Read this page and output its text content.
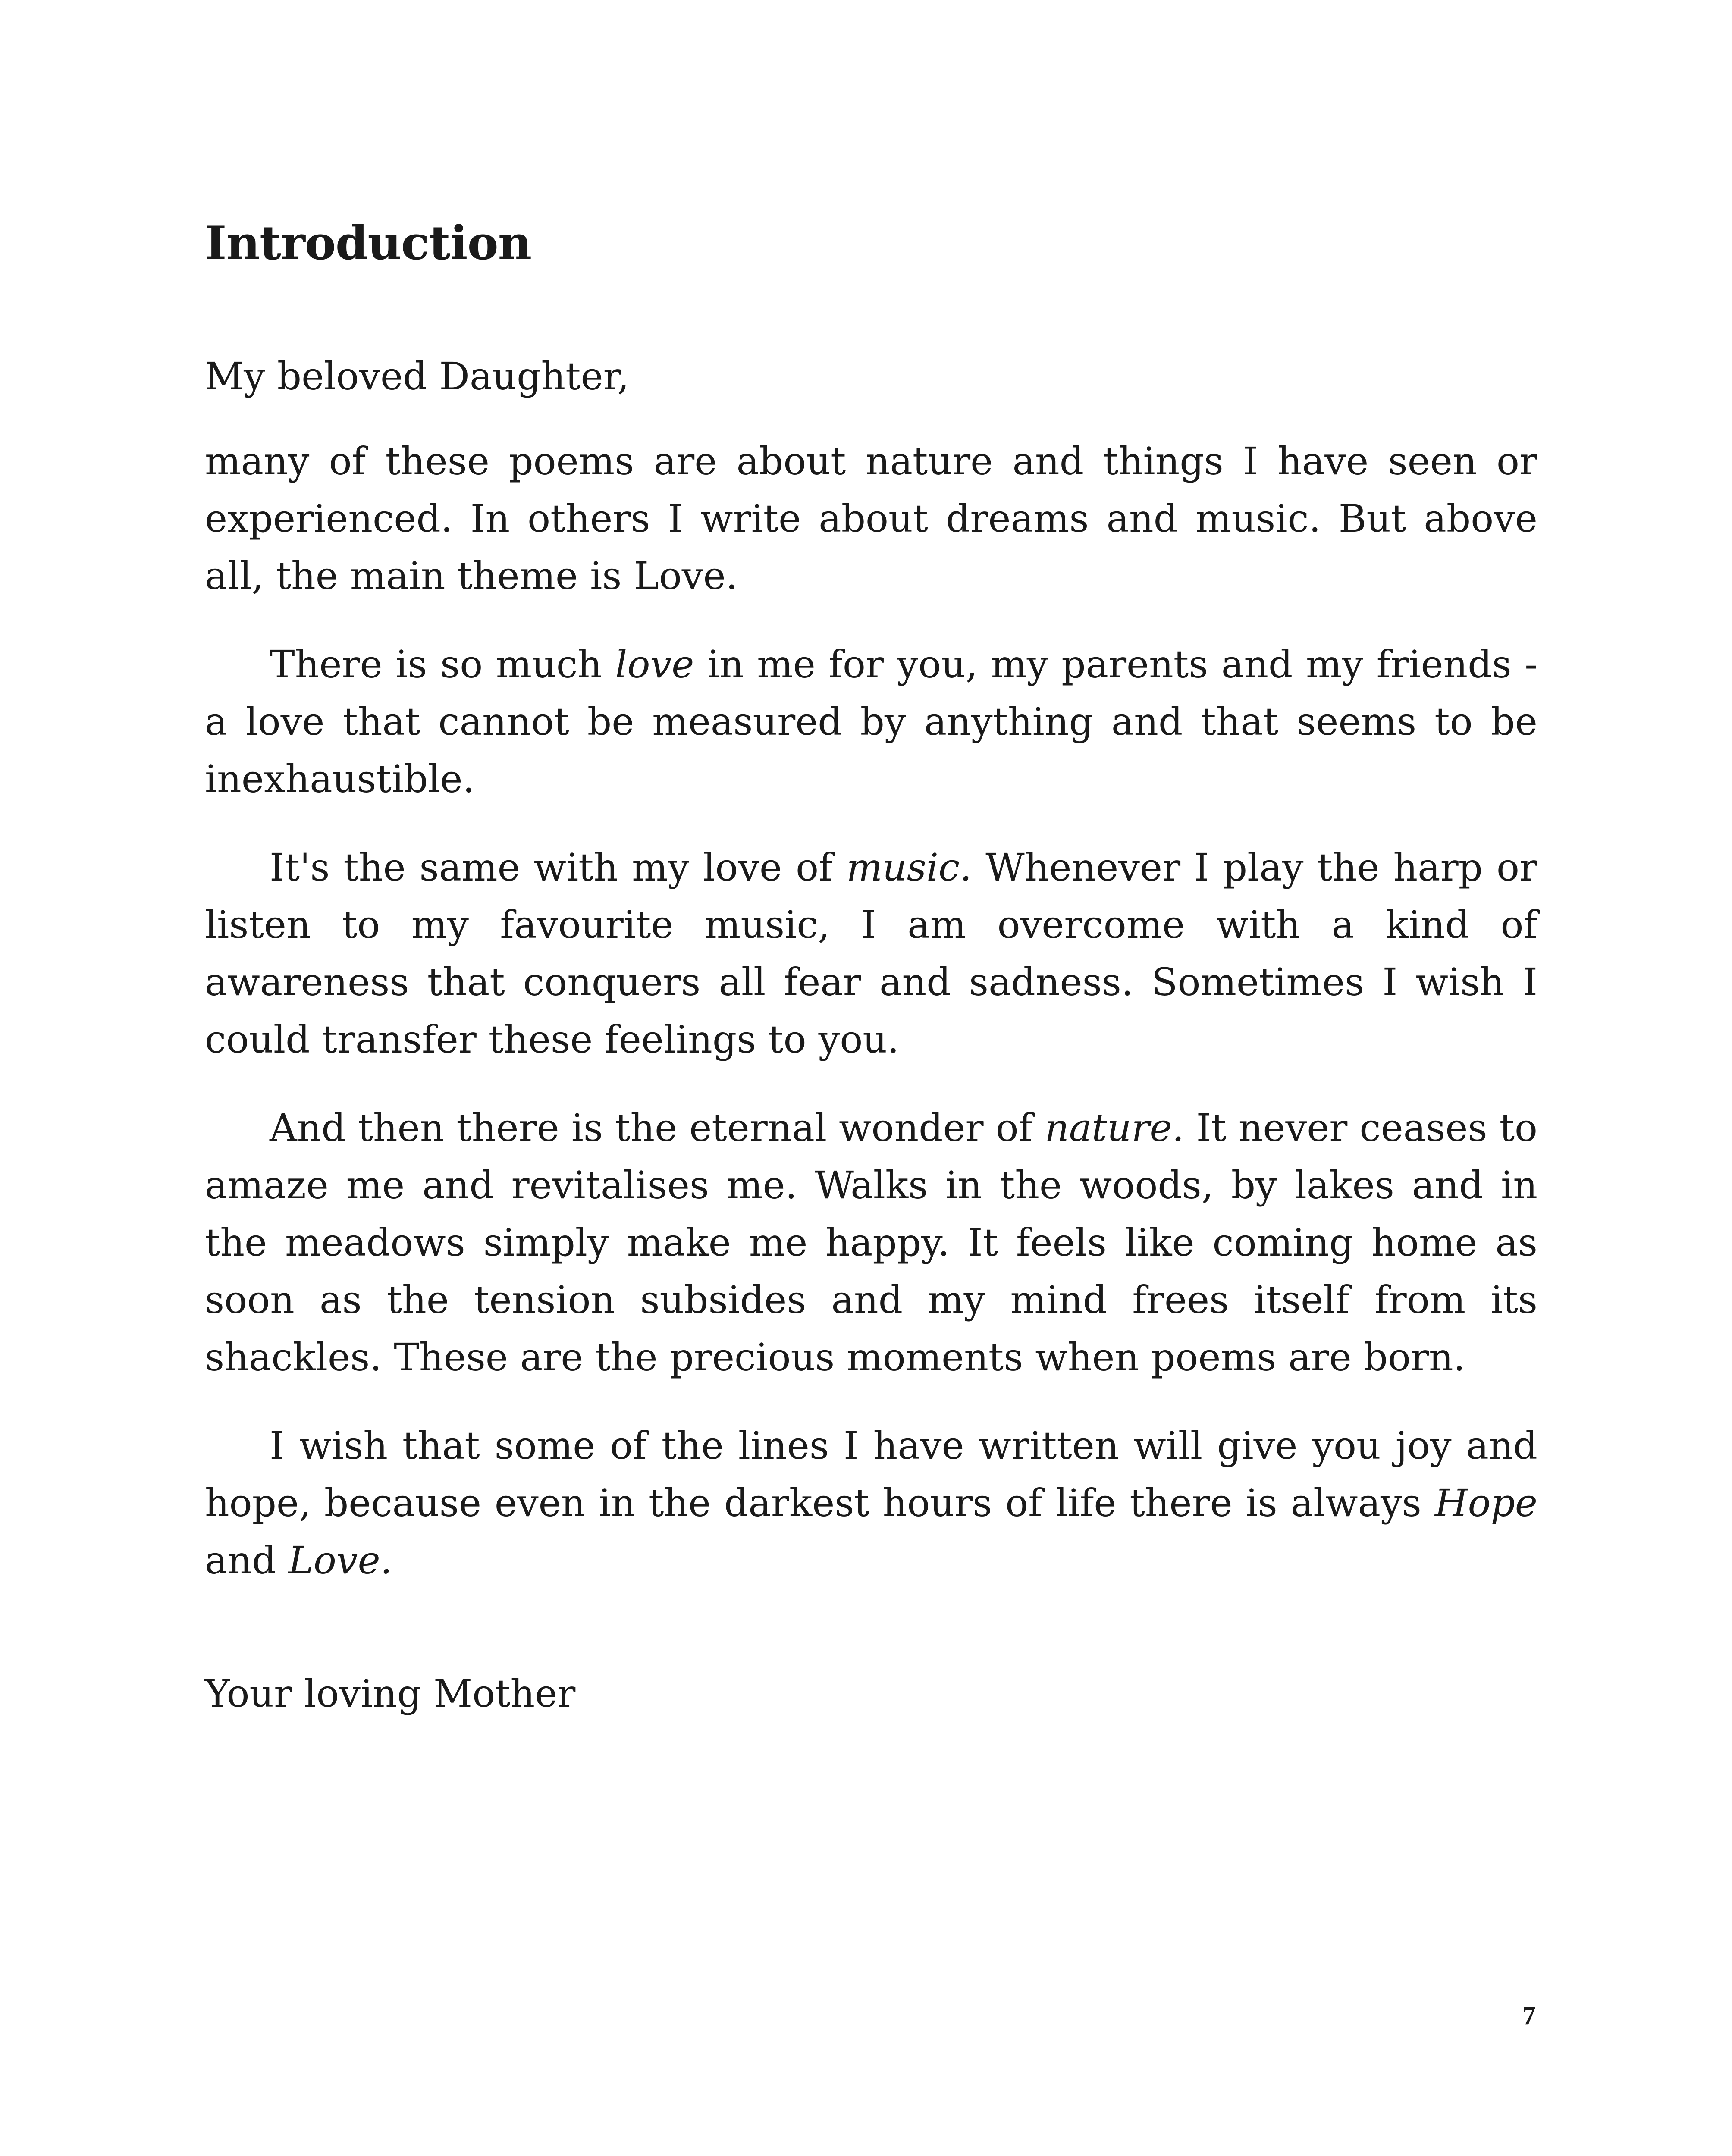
Introduction

My beloved Daughter,

many of these poems are about nature and things I have seen or experienced. In others I write about dreams and music. But above all, the main theme is Love.

There is so much love in me for you, my parents and my friends - a love that cannot be measured by anything and that seems to be inexhaustible.

It's the same with my love of music. Whenever I play the harp or listen to my favourite music, I am overcome with a kind of awareness that conquers all fear and sadness. Sometimes I wish I could transfer these feelings to you.

And then there is the eternal wonder of nature. It never ceases to amaze me and revitalises me. Walks in the woods, by lakes and in the meadows simply make me happy. It feels like coming home as soon as the tension subsides and my mind frees itself from its shackles. These are the precious moments when poems are born.

I wish that some of the lines I have written will give you joy and hope, because even in the darkest hours of life there is always Hope and Love.

Your loving Mother

7
